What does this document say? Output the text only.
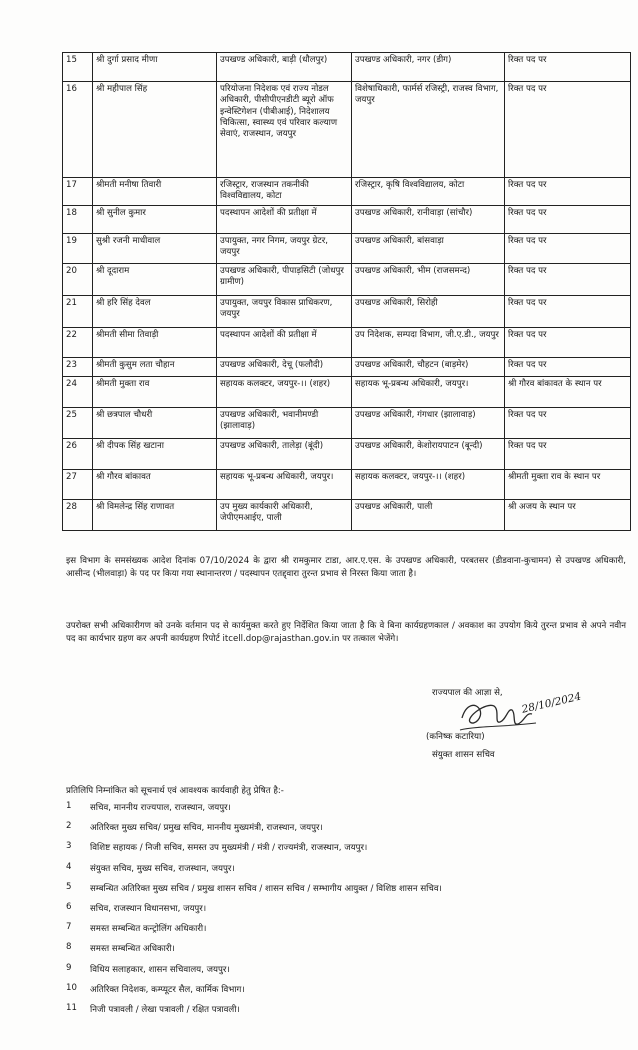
15	श्री दुर्गा प्रसाद मीणा	उपखण्ड अधिकारी, बाड़ी (धौलपुर)	उपखण्ड अधिकारी, नगर (डीग)	रिक्त पद पर
16	श्री महीपाल सिंह	परियोजना निदेशक एवं राज्य नोडल अधिकारी, पीसीपीएनडीटी ब्यूरो ऑफ इन्वेस्टिगेशन (पीबीआई), निदेशालय चिकित्सा, स्वास्थ्य एवं परिवार कल्याण सेवाएं, राजस्थान, जयपुर	विशेषाधिकारी, फार्मर्स रजिस्ट्री, राजस्व विभाग, जयपुर	रिक्त पद पर
17	श्रीमती मनीषा तिवारी	रजिस्ट्रार, राजस्थान तकनीकी विश्वविद्यालय, कोटा	रजिस्ट्रार, कृषि विश्वविद्यालय, कोटा	रिक्त पद पर
18	श्री सुनील कुमार	पदस्थापन आदेशों की प्रतीक्षा में	उपखण्ड अधिकारी, रानीवाड़ा (सांचौर)	रिक्त पद पर
19	सुश्री रजनी माधीवाल	उपायुक्त, नगर निगम, जयपुर ग्रेटर, जयपुर	उपखण्ड अधिकारी, बांसवाड़ा	रिक्त पद पर
20	श्री दूदाराम	उपखण्ड अधिकारी, पीपाड़सिटी (जोधपुर ग्रामीण)	उपखण्ड अधिकारी, भीम (राजसमन्द)	रिक्त पद पर
21	श्री हरि सिंह देवल	उपायुक्त, जयपुर विकास प्राधिकरण, जयपुर	उपखण्ड अधिकारी, सिरोही	रिक्त पद पर
22	श्रीमती सीमा तिवाड़ी	पदस्थापन आदेशों की प्रतीक्षा में	उप निदेशक, सम्पदा विभाग, जी.ए.डी., जयपुर	रिक्त पद पर
23	श्रीमती कुसुम लता चौहान	उपखण्ड अधिकारी, देचू (फलौदी)	उपखण्ड अधिकारी, चौहटन (बाड़मेर)	रिक्त पद पर
24	श्रीमती मुक्ता राव	सहायक कलक्टर, जयपुर-।। (शहर)	सहायक भू-प्रबन्ध अधिकारी, जयपुर।	श्री गौरव बांकावत के स्थान पर
25	श्री छत्रपाल चौधरी	उपखण्ड अधिकारी, भवानीमण्डी (झालावाड़)	उपखण्ड अधिकारी, गंगधार (झालावाड़)	रिक्त पद पर
26	श्री दीपक सिंह खटाना	उपखण्ड अधिकारी, तालेड़ा (बूंदी)	उपखण्ड अधिकारी, केशोरायपाटन (बून्दी)	रिक्त पद पर
27	श्री गौरव बांकावत	सहायक भू-प्रबन्ध अधिकारी, जयपुर।	सहायक कलक्टर, जयपुर-।। (शहर)	श्रीमती मुक्ता राव के स्थान पर
28	श्री विमलेन्द्र सिंह राणावत	उप मुख्य कार्यकारी अधिकारी, जेपीएमआईए, पाली	उपखण्ड अधिकारी, पाली	श्री अजय के स्थान पर

इस विभाग के समसंख्यक आदेश दिनांक 07/10/2024 के द्वारा श्री रामकुमार टाडा, आर.ए.एस. के उपखण्ड अधिकारी, परबतसर (डीडवाना-कुचामन) से उपखण्ड अधिकारी, आसीन्द (भीलवाड़ा) के पद पर किया गया स्थानान्तरण / पदस्थापन एतद्द्वारा तुरन्त प्रभाव से निरस्त किया जाता है।

उपरोक्त सभी अधिकारीगण को उनके वर्तमान पद से कार्यमुक्त करते हुए निर्देशित किया जाता है कि वे बिना कार्यग्रहणकाल / अवकाश का उपयोग किये तुरन्त प्रभाव से अपने नवीन पद का कार्यभार ग्रहण कर अपनी कार्यग्रहण रिपोर्ट itcell.dop@rajasthan.gov.in पर तत्काल भेजेंगे।

राज्यपाल की आज्ञा से, 28/10/2024
(कनिष्क कटारिया)
संयुक्त शासन सचिव
प्रतिलिपि निम्नांकित को सूचनार्थ एवं आवश्यक कार्यवाही हेतु प्रेषित है:-
1	सचिव, माननीय राज्यपाल, राजस्थान, जयपुर।
2	अतिरिक्त मुख्य सचिव/ प्रमुख सचिव, माननीय मुख्यमंत्री, राजस्थान, जयपुर।
3	विशिष्ट सहायक / निजी सचिव, समस्त उप मुख्यमंत्री / मंत्री / राज्यमंत्री, राजस्थान, जयपुर।
4	संयुक्त सचिव, मुख्य सचिव, राजस्थान, जयपुर।
5	सम्बन्धित अतिरिक्त मुख्य सचिव / प्रमुख शासन सचिव / शासन सचिव / सम्भागीय आयुक्त / विशिष्ठ शासन सचिव।
6	सचिव, राजस्थान विधानसभा, जयपुर।
7	समस्त सम्बन्धित कन्ट्रोलिंग अधिकारी।
8	समस्त सम्बन्धित अधिकारी।
9	विधिय सलाहकार, शासन सचिवालय, जयपुर।
10	अतिरिक्त निदेशक, कम्प्यूटर सैल, कार्मिक विभाग।
11	निजी पत्रावली / लेखा पत्रावली / रक्षित पत्रावली।
